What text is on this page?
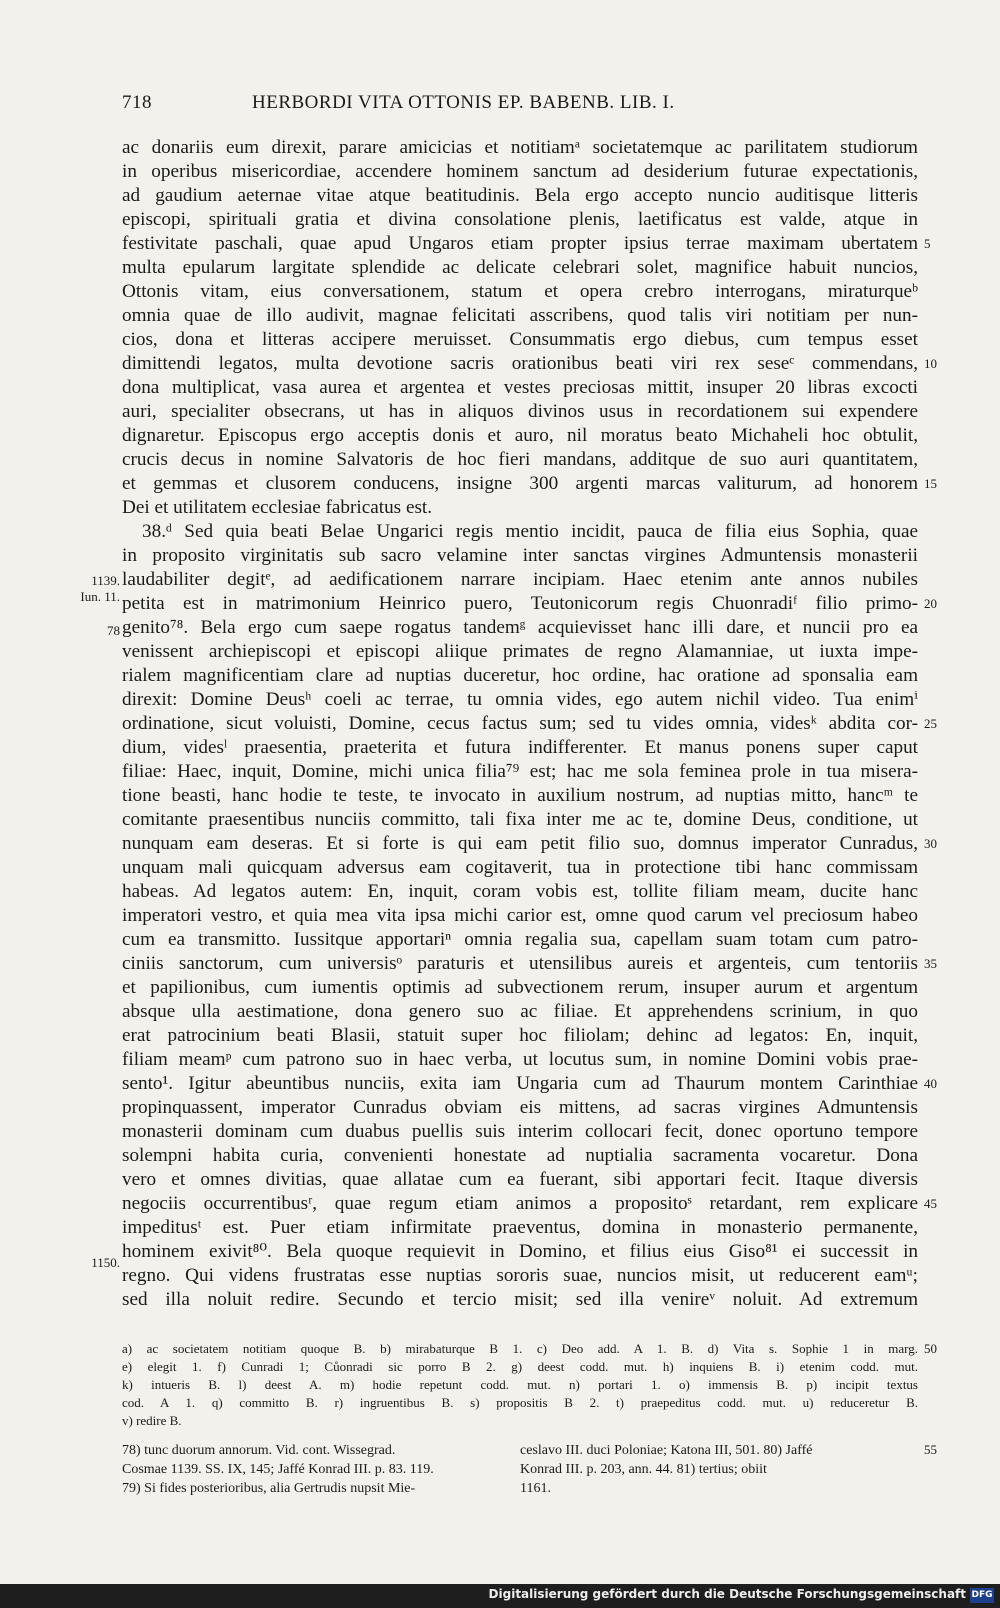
718	HERBORDI VITA OTTONIS EP. BABENB. LIB. I.
ac donariis eum direxit, parare amicicias et notitiamᵃ societatemque ac parilitatem studiorum
in operibus misericordiae, accendere hominem sanctum ad desiderium futurae expectationis,
ad gaudium aeternae vitae atque beatitudinis. Bela ergo accepto nuncio auditisque litteris
episcopi, spirituali gratia et divina consolatione plenis, laetificatus est valde, atque in
festivitate paschali, quae apud Ungaros etiam propter ipsius terrae maximam ubertatem
multa epularum largitate splendide ac delicate celebrari solet, magnifice habuit nuncios,
Ottonis vitam, eius conversationem, statum et opera crebro interrogans, miraturqueᵇ
omnia quae de illo audivit, magnae felicitati asscribens, quod talis viri notitiam per nun-
cios, dona et litteras accipere meruisset. Consummatis ergo diebus, cum tempus esset
dimittendi legatos, multa devotione sacris orationibus beati viri rex seseᶜ commendans,
dona multiplicat, vasa aurea et argentea et vestes preciosas mittit, insuper 20 libras excocti
auri, specialiter obsecrans, ut has in aliquos divinos usus in recordationem sui expendere
dignaretur. Episcopus ergo acceptis donis et auro, nil moratus beato Michaheli hoc obtulit,
crucis decus in nomine Salvatoris de hoc fieri mandans, additque de suo auri quantitatem,
et gemmas et clusorem conducens, insigne 300 argenti marcas valiturum, ad honorem
Dei et utilitatem ecclesiae fabricatus est.
38.ᵈ Sed quia beati Belae Ungarici regis mentio incidit, pauca de filia eius Sophia, quae
in proposito virginitatis sub sacro velamine inter sanctas virgines Admuntensis monasterii
laudabiliter degitᵉ, ad aedificationem narrare incipiam. Haec etenim ante annos nubiles
petita est in matrimonium Heinrico puero, Teutonicorum regis Chuonradiᶠ filio primo-
genito⁷⁸. Bela ergo cum saepe rogatus tandemᵍ acquievisset hanc illi dare, et nuncii pro ea
venissent archiepiscopi et episcopi aliique primates de regno Alamanniae, ut iuxta impe-
rialem magnificentiam clare ad nuptias duceretur, hoc ordine, hac oratione ad sponsalia eam
direxit: Domine Deusʰ coeli ac terrae, tu omnia vides, ego autem nichil video. Tua enimⁱ
ordinatione, sicut voluisti, Domine, cecus factus sum; sed tu vides omnia, videsᵏ abdita cor-
dium, videsˡ praesentia, praeterita et futura indifferenter. Et manus ponens super caput
filiae: Haec, inquit, Domine, michi unica filia⁷⁹ est; hac me sola feminea prole in tua misera-
tione beasti, hanc hodie te teste, te invocato in auxilium nostrum, ad nuptias mitto, hancᵐ te
comitante praesentibus nunciis committo, tali fixa inter me ac te, domine Deus, conditione, ut
nunquam eam deseras. Et si forte is qui eam petit filio suo, domnus imperator Cunradus,
unquam mali quicquam adversus eam cogitaverit, tua in protectione tibi hanc commissam
habeas. Ad legatos autem: En, inquit, coram vobis est, tollite filiam meam, ducite hanc
imperatori vestro, et quia mea vita ipsa michi carior est, omne quod carum vel preciosum habeo
cum ea transmitto. Iussitque apportariⁿ omnia regalia sua, capellam suam totam cum patro-
ciniis sanctorum, cum universisᵒ paraturis et utensilibus aureis et argenteis, cum tentoriis
et papilionibus, cum iumentis optimis ad subvectionem rerum, insuper aurum et argentum
absque ulla aestimatione, dona genero suo ac filiae. Et apprehendens scrinium, in quo
erat patrocinium beati Blasii, statuit super hoc filiolam; dehinc ad legatos: En, inquit,
filiam meamᵖ cum patrono suo in haec verba, ut locutus sum, in nomine Domini vobis prae-
sento¹. Igitur abeuntibus nunciis, exita iam Ungaria cum ad Thaurum montem Carinthiae
propinquassent, imperator Cunradus obviam eis mittens, ad sacras virgines Admuntensis
monasterii dominam cum duabus puellis suis interim collocari fecit, donec oportuno tempore
solempni habita curia, convenienti honestate ad nuptialia sacramenta vocaretur. Dona
vero et omnes divitias, quae allatae cum ea fuerant, sibi apportari fecit. Itaque diversis
negociis occurrentibusʳ, quae regum etiam animos a propositoˢ retardant, rem explicare
impeditusᵗ est. Puer etiam infirmitate praeventus, domina in monasterio permanente,
hominem exivit⁸⁰. Bela quoque requievit in Domino, et filius eius Giso⁸¹ ei successit in
regno. Qui videns frustratas esse nuptias sororis suae, nuncios misit, ut reducerent eamᵘ;
sed illa noluit redire. Secundo et tercio misit; sed illa venireᵛ noluit. Ad extremum
5
10
15
20
25
30
35
40
45
1139.
Iun. 11.
78
1150.
a) ac societatem notitiam quoque B. b) mirabaturque B 1. c) Deo add. A 1. B. d) Vita s. Sophie 1 in marg.
e) elegit 1. f) Cunradi 1; Cůonradi sic porro B 2. g) deest codd. mut. h) inquiens B. i) etenim codd. mut.
k) intueris B. l) deest A. m) hodie repetunt codd. mut. n) portari 1. o) immensis B. p) incipit textus
cod. A 1. q) committo B. r) ingruentibus B. s) propositis B 2. t) praepeditus codd. mut. u) reduceretur B.
v) redire B.
50
78) tunc duorum annorum. Vid. cont. Wissegrad.
Cosmae 1139. SS. IX, 145; Jaffé Konrad III. p. 83. 119.
79) Si fides posterioribus, alia Gertrudis nupsit Mie-
ceslavo III. duci Poloniae; Katona III, 501. 80) Jaffé
Konrad III. p. 203, ann. 44. 81) tertius; obiit
1161.
55
Digitalisierung gefördert durch die Deutsche Forschungsgemeinschaft DFG
